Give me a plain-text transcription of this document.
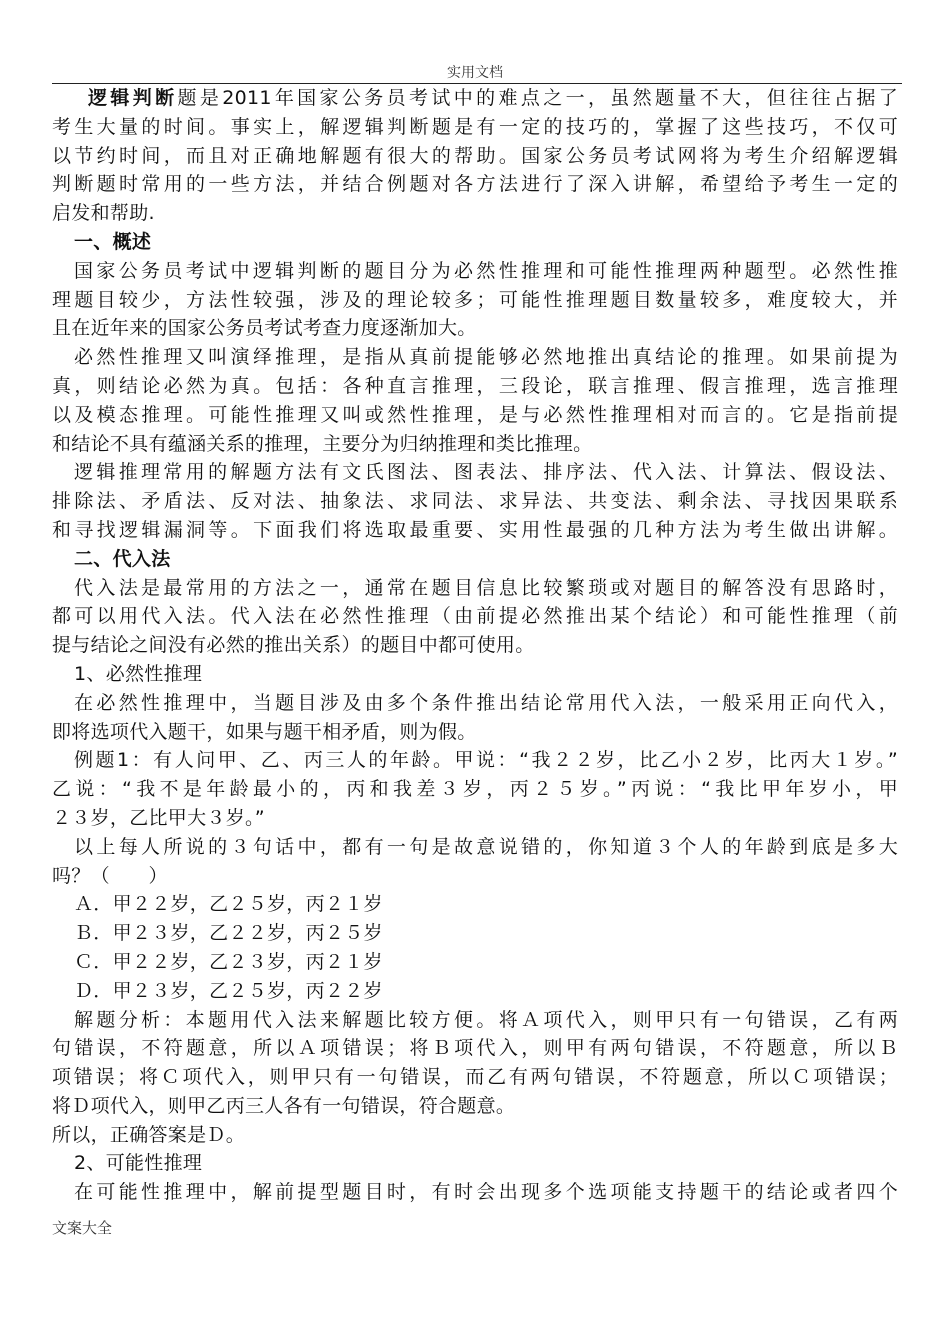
实用文档
逻辑判断题是2011年国家公务员考试中的难点之一，虽然题量不大，但往往占据了
考生大量的时间。事实上，解逻辑判断题是有一定的技巧的，掌握了这些技巧，不仅可
以节约时间，而且对正确地解题有很大的帮助。国家公务员考试网将为考生介绍解逻辑
判断题时常用的一些方法，并结合例题对各方法进行了深入讲解，希望给予考生一定的
启发和帮助.
一、概述
国家公务员考试中逻辑判断的题目分为必然性推理和可能性推理两种题型。必然性推
理题目较少，方法性较强，涉及的理论较多；可能性推理题目数量较多，难度较大，并
且在近年来的国家公务员考试考查力度逐渐加大。
必然性推理又叫演绎推理，是指从真前提能够必然地推出真结论的推理。如果前提为
真，则结论必然为真。包括：各种直言推理，三段论，联言推理、假言推理，选言推理
以及模态推理。可能性推理又叫或然性推理，是与必然性推理相对而言的。它是指前提
和结论不具有蕴涵关系的推理，主要分为归纳推理和类比推理。
逻辑推理常用的解题方法有文氏图法、图表法、排序法、代入法、计算法、假设法、
排除法、矛盾法、反对法、抽象法、求同法、求异法、共变法、剩余法、寻找因果联系
和寻找逻辑漏洞等。下面我们将选取最重要、实用性最强的几种方法为考生做出讲解。
二、代入法
代入法是最常用的方法之一，通常在题目信息比较繁琐或对题目的解答没有思路时，
都可以用代入法。代入法在必然性推理（由前提必然推出某个结论）和可能性推理（前
提与结论之间没有必然的推出关系）的题目中都可使用。
1、必然性推理
在必然性推理中，当题目涉及由多个条件推出结论常用代入法，一般采用正向代入，
即将选项代入题干，如果与题干相矛盾，则为假。
例题1：有人问甲、乙、丙三人的年龄。甲说：“我２２岁，比乙小２岁，比丙大１岁。”
乙说：“我不是年龄最小的，丙和我差３岁，丙２５岁。”丙说：“我比甲年岁小，甲
２３岁，乙比甲大３岁。”
以上每人所说的３句话中，都有一句是故意说错的，你知道３个人的年龄到底是多大
吗？（　　）
Ａ．甲２２岁，乙２５岁，丙２１岁
Ｂ．甲２３岁，乙２２岁，丙２５岁
Ｃ．甲２２岁，乙２３岁，丙２１岁
Ｄ．甲２３岁，乙２５岁，丙２２岁
解题分析：本题用代入法来解题比较方便。将Ａ项代入，则甲只有一句错误，乙有两
句错误，不符题意，所以Ａ项错误；将Ｂ项代入，则甲有两句错误，不符题意，所以Ｂ
项错误；将Ｃ项代入，则甲只有一句错误，而乙有两句错误，不符题意，所以Ｃ项错误；
将Ｄ项代入，则甲乙丙三人各有一句错误，符合题意。
所以，正确答案是Ｄ。
2、可能性推理
在可能性推理中，解前提型题目时，有时会出现多个选项能支持题干的结论或者四个
文案大全
